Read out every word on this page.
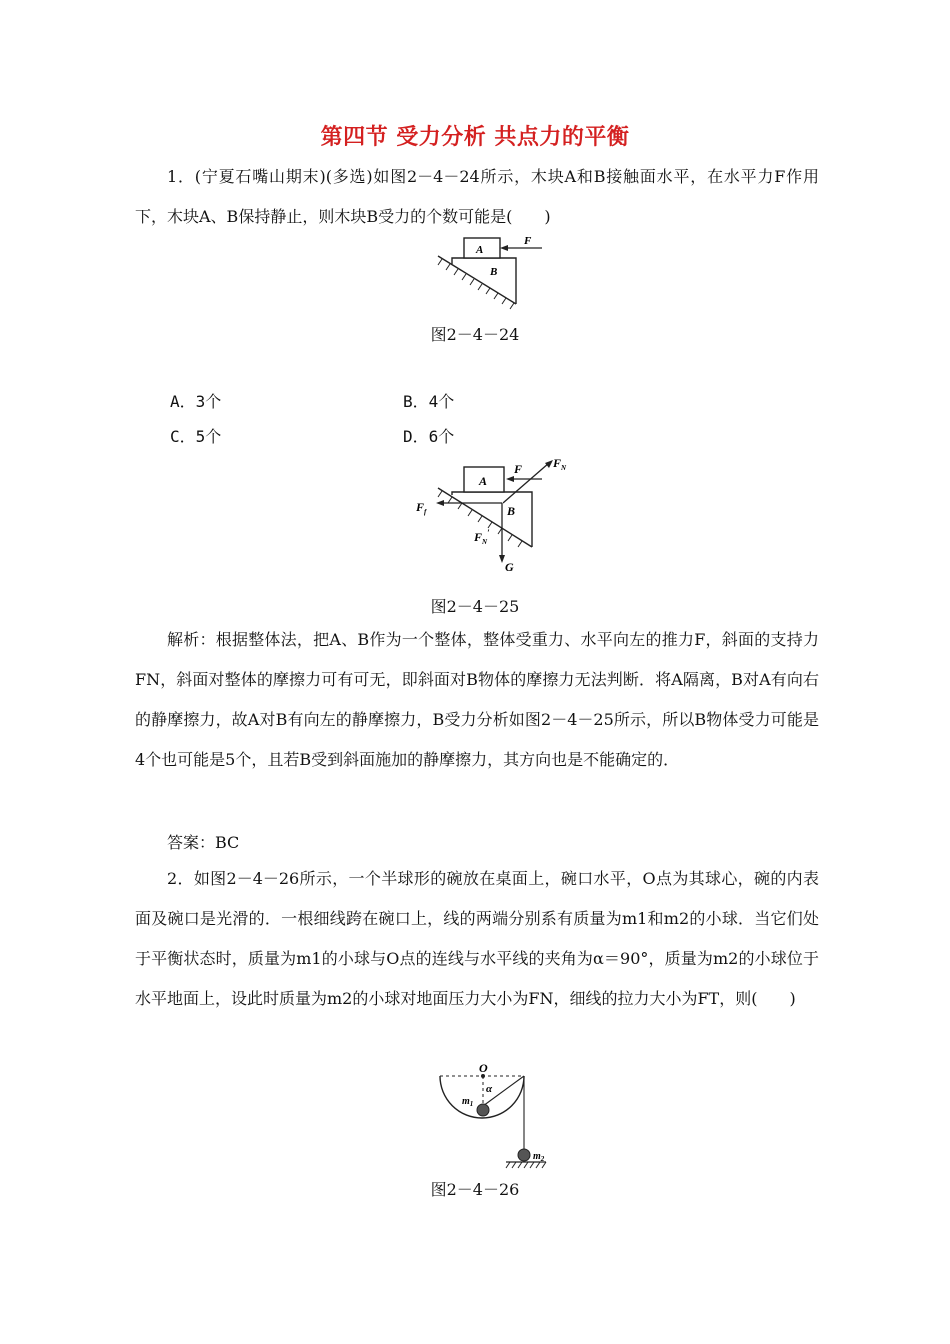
第四节 受力分析 共点力的平衡
1．(宁夏石嘴山期末)(多选)如图2－4－24所示，木块A和B接触面水平，在水平力F作用下，木块A、B保持静止，则木块B受力的个数可能是(　　)
A
B
F
图2－4－24
A．3个	B．4个
C．5个	D．6个
A
B
F	$F_N$
$F_f$
G
$F_N'$
图2－4－25
解析：根据整体法，把A、B作为一个整体，整体受重力、水平向左的推力F，斜面的支持力FN，斜面对整体的摩擦力可有可无，即斜面对B物体的摩擦力无法判断．将A隔离，B对A有向右的静摩擦力，故A对B有向左的静摩擦力，B受力分析如图2－4－25所示，所以B物体受力可能是4个也可能是5个，且若B受到斜面施加的静摩擦力，其方向也是不能确定的．
答案：BC
2．如图2－4－26所示，一个半球形的碗放在桌面上，碗口水平，O点为其球心，碗的内表面及碗口是光滑的．一根细线跨在碗口上，线的两端分别系有质量为m1和m2的小球．当它们处于平衡状态时，质量为m1的小球与O点的连线与水平线的夹角为α＝90°，质量为m2的小球位于水平地面上，设此时质量为m2的小球对地面压力大小为FN，细线的拉力大小为FT，则(　　)
O
α
$m_1$
$m_2$
图2－4－26
